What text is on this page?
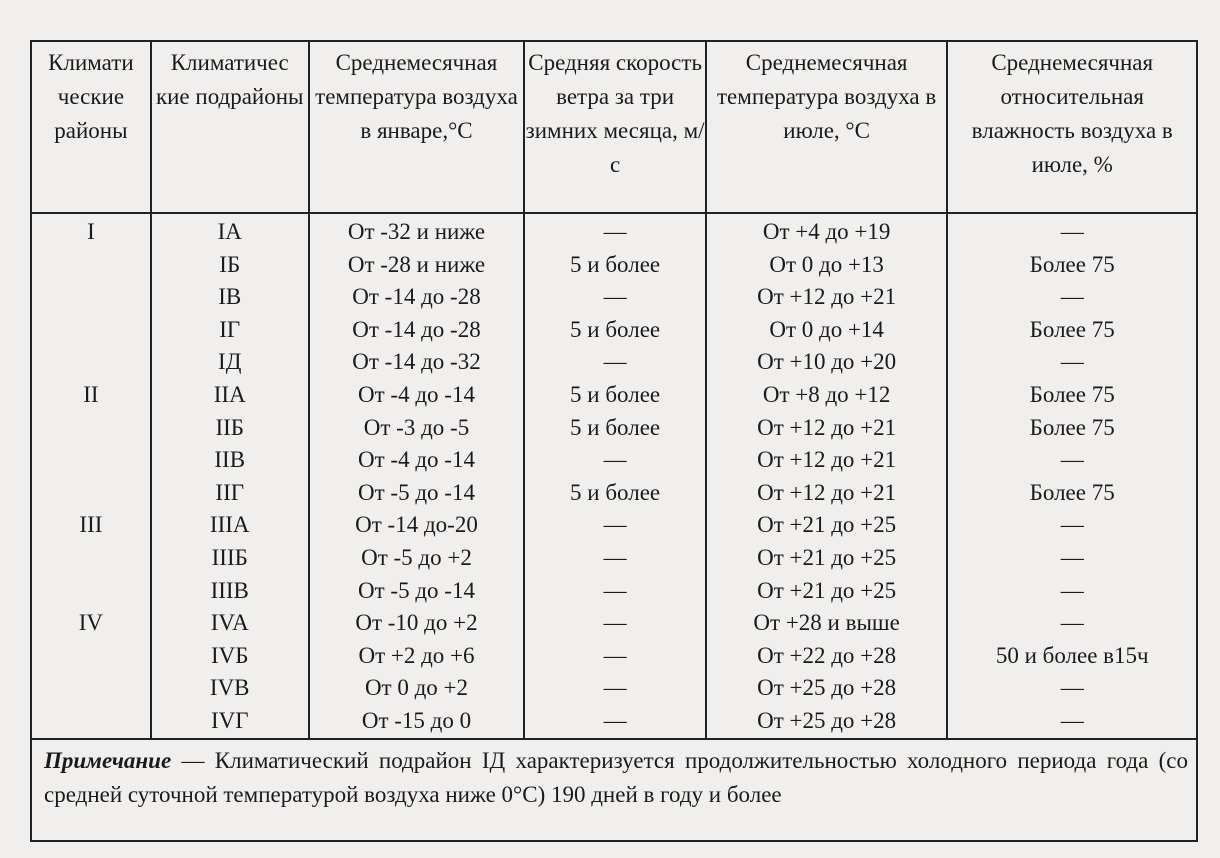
Климати ческие районы	Климатичес кие подрайоны	Среднемесячная температура воздуха в январе,°С	Средняя скорость ветра за три зимних месяца, м/с	Среднемесячная температура воздуха в июле, °С	Среднемесячная относительная влажность воздуха в июле, %
I	IA	От -32 и ниже	—	От +4 до +19	—
	IБ	От -28 и ниже	5 и более	От 0 до +13	Более 75
	IВ	От -14 до -28	—	От +12 до +21	—
	IГ	От -14 до -28	5 и более	От 0 до +14	Более 75
	IД	От -14 до -32	—	От +10 до +20	—
II	IIA	От -4 до -14	5 и более	От +8 до +12	Более 75
	IIБ	От -3 до -5	5 и более	От +12 до +21	Более 75
	IIВ	От -4 до -14	—	От +12 до +21	—
	IIГ	От -5 до -14	5 и более	От +12 до +21	Более 75
III	IIIA	От -14 до-20	—	От +21 до +25	—
	IIIБ	От -5 до +2	—	От +21 до +25	—
	IIIВ	От -5 до -14	—	От +21 до +25	—
IV	IVA	От -10 до +2	—	От +28 и выше	—
	IVБ	От +2 до +6	—	От +22 до +28	50 и более в15ч
	IVВ	От 0 до +2	—	От +25 до +28	—
	IVГ	От -15 до 0	—	От +25 до +28	—
Примечание — Климатический подрайон IД характеризуется продолжительностью холодного периода года (со средней суточной температурой воздуха ниже 0°С) 190 дней в году и более					
